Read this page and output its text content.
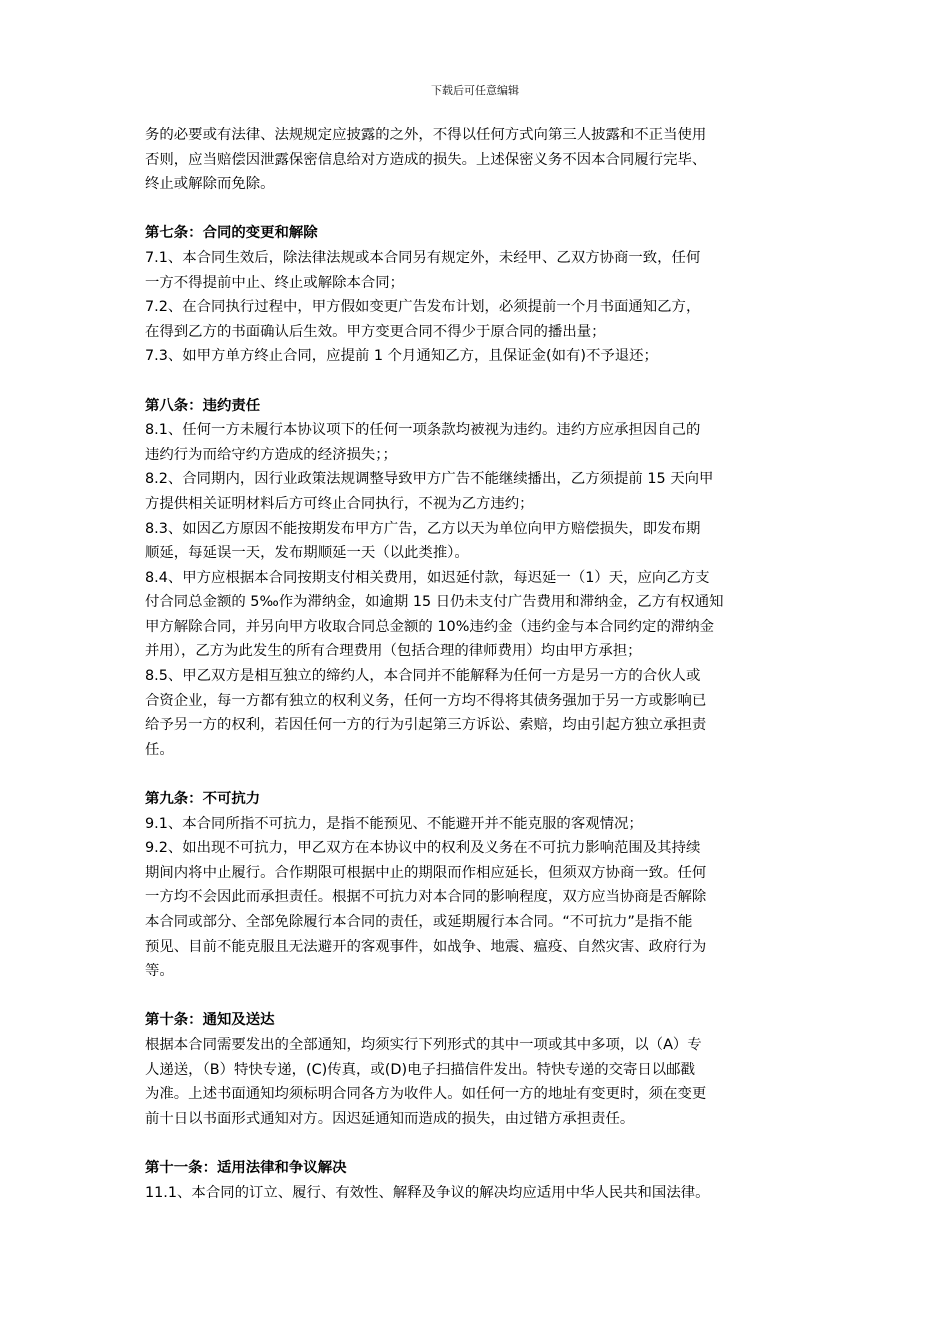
下载后可任意编辑
务的必要或有法律、法规规定应披露的之外，不得以任何方式向第三人披露和不正当使用
否则，应当赔偿因泄露保密信息给对方造成的损失。上述保密义务不因本合同履行完毕、
终止或解除而免除。
第七条：合同的变更和解除
7.1、本合同生效后，除法律法规或本合同另有规定外，未经甲、乙双方协商一致，任何
一方不得提前中止、终止或解除本合同；
7.2、在合同执行过程中，甲方假如变更广告发布计划，必须提前一个月书面通知乙方，
在得到乙方的书面确认后生效。甲方变更合同不得少于原合同的播出量；
7.3、如甲方单方终止合同，应提前 1 个月通知乙方，且保证金(如有)不予退还；
第八条：违约责任
8.1、任何一方未履行本协议项下的任何一项条款均被视为违约。违约方应承担因自己的
违约行为而给守约方造成的经济损失；；
8.2、合同期内，因行业政策法规调整导致甲方广告不能继续播出，乙方须提前 15 天向甲
方提供相关证明材料后方可终止合同执行，不视为乙方违约；
8.3、如因乙方原因不能按期发布甲方广告，乙方以天为单位向甲方赔偿损失，即发布期
顺延，每延误一天，发布期顺延一天（以此类推）。
8.4、甲方应根据本合同按期支付相关费用，如迟延付款，每迟延一（1）天，应向乙方支
付合同总金额的 5‰作为滞纳金，如逾期 15 日仍未支付广告费用和滞纳金，乙方有权通知
甲方解除合同，并另向甲方收取合同总金额的 10%违约金（违约金与本合同约定的滞纳金
并用），乙方为此发生的所有合理费用（包括合理的律师费用）均由甲方承担；
8.5、甲乙双方是相互独立的缔约人，本合同并不能解释为任何一方是另一方的合伙人或
合资企业，每一方都有独立的权利义务，任何一方均不得将其债务强加于另一方或影响已
给予另一方的权利，若因任何一方的行为引起第三方诉讼、索赔，均由引起方独立承担责
任。
第九条：不可抗力
9.1、本合同所指不可抗力，是指不能预见、不能避开并不能克服的客观情况；
9.2、如出现不可抗力，甲乙双方在本协议中的权利及义务在不可抗力影响范围及其持续
期间内将中止履行。合作期限可根据中止的期限而作相应延长，但须双方协商一致。任何
一方均不会因此而承担责任。根据不可抗力对本合同的影响程度，双方应当协商是否解除
本合同或部分、全部免除履行本合同的责任，或延期履行本合同。“不可抗力”是指不能
预见、目前不能克服且无法避开的客观事件，如战争、地震、瘟疫、自然灾害、政府行为
等。
第十条：通知及送达
根据本合同需要发出的全部通知，均须实行下列形式的其中一项或其中多项，以（A）专
人递送，（B）特快专递，(C)传真，或(D)电子扫描信件发出。特快专递的交寄日以邮戳
为准。上述书面通知均须标明合同各方为收件人。如任何一方的地址有变更时，须在变更
前十日以书面形式通知对方。因迟延通知而造成的损失，由过错方承担责任。
第十一条：适用法律和争议解决
11.1、本合同的订立、履行、有效性、解释及争议的解决均应适用中华人民共和国法律。
